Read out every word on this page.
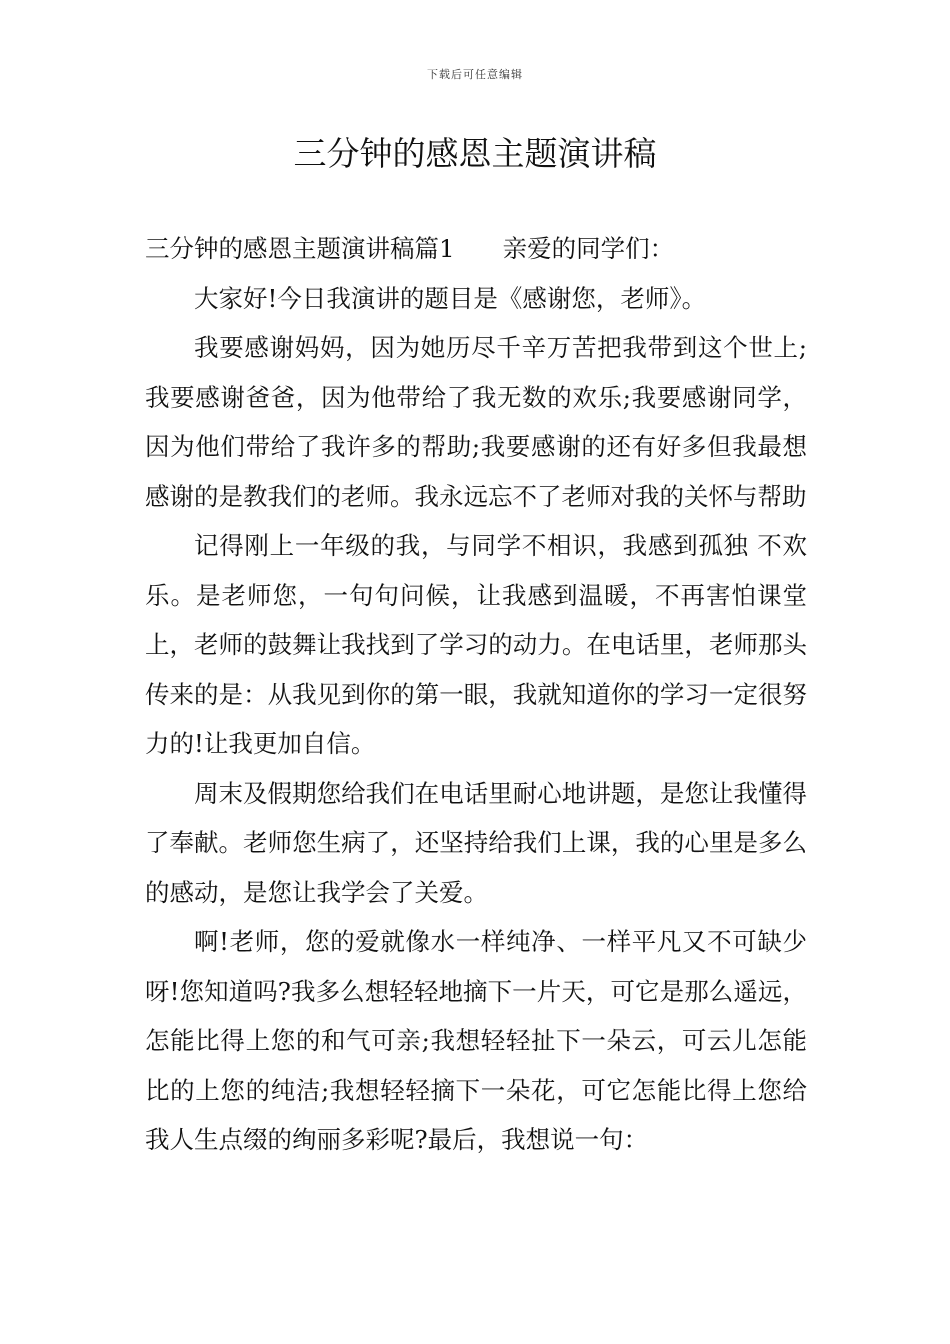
下载后可任意编辑
三分钟的感恩主题演讲稿

三分钟的感恩主题演讲稿篇1 亲爱的同学们：

大家好!今日我演讲的题目是《感谢您，老师》。

我要感谢妈妈，因为她历尽千辛万苦把我带到这个世上;我要感谢爸爸，因为他带给了我无数的欢乐;我要感谢同学，因为他们带给了我许多的帮助;我要感谢的还有好多但我最想感谢的是教我们的老师。我永远忘不了老师对我的关怀与帮助

记得刚上一年级的我，与同学不相识，我感到孤独 不欢乐。是老师您，一句句问候，让我感到温暖，不再害怕课堂上，老师的鼓舞让我找到了学习的动力。在电话里，老师那头传来的是：从我见到你的第一眼，我就知道你的学习一定很努力的!让我更加自信。

周末及假期您给我们在电话里耐心地讲题，是您让我懂得了奉献。老师您生病了，还坚持给我们上课，我的心里是多么的感动，是您让我学会了关爱。

啊!老师，您的爱就像水一样纯净、一样平凡又不可缺少呀!您知道吗?我多么想轻轻地摘下一片天，可它是那么遥远，怎能比得上您的和气可亲;我想轻轻扯下一朵云，可云儿怎能比的上您的纯洁;我想轻轻摘下一朵花，可它怎能比得上您给我人生点缀的绚丽多彩呢?最后，我想说一句：
